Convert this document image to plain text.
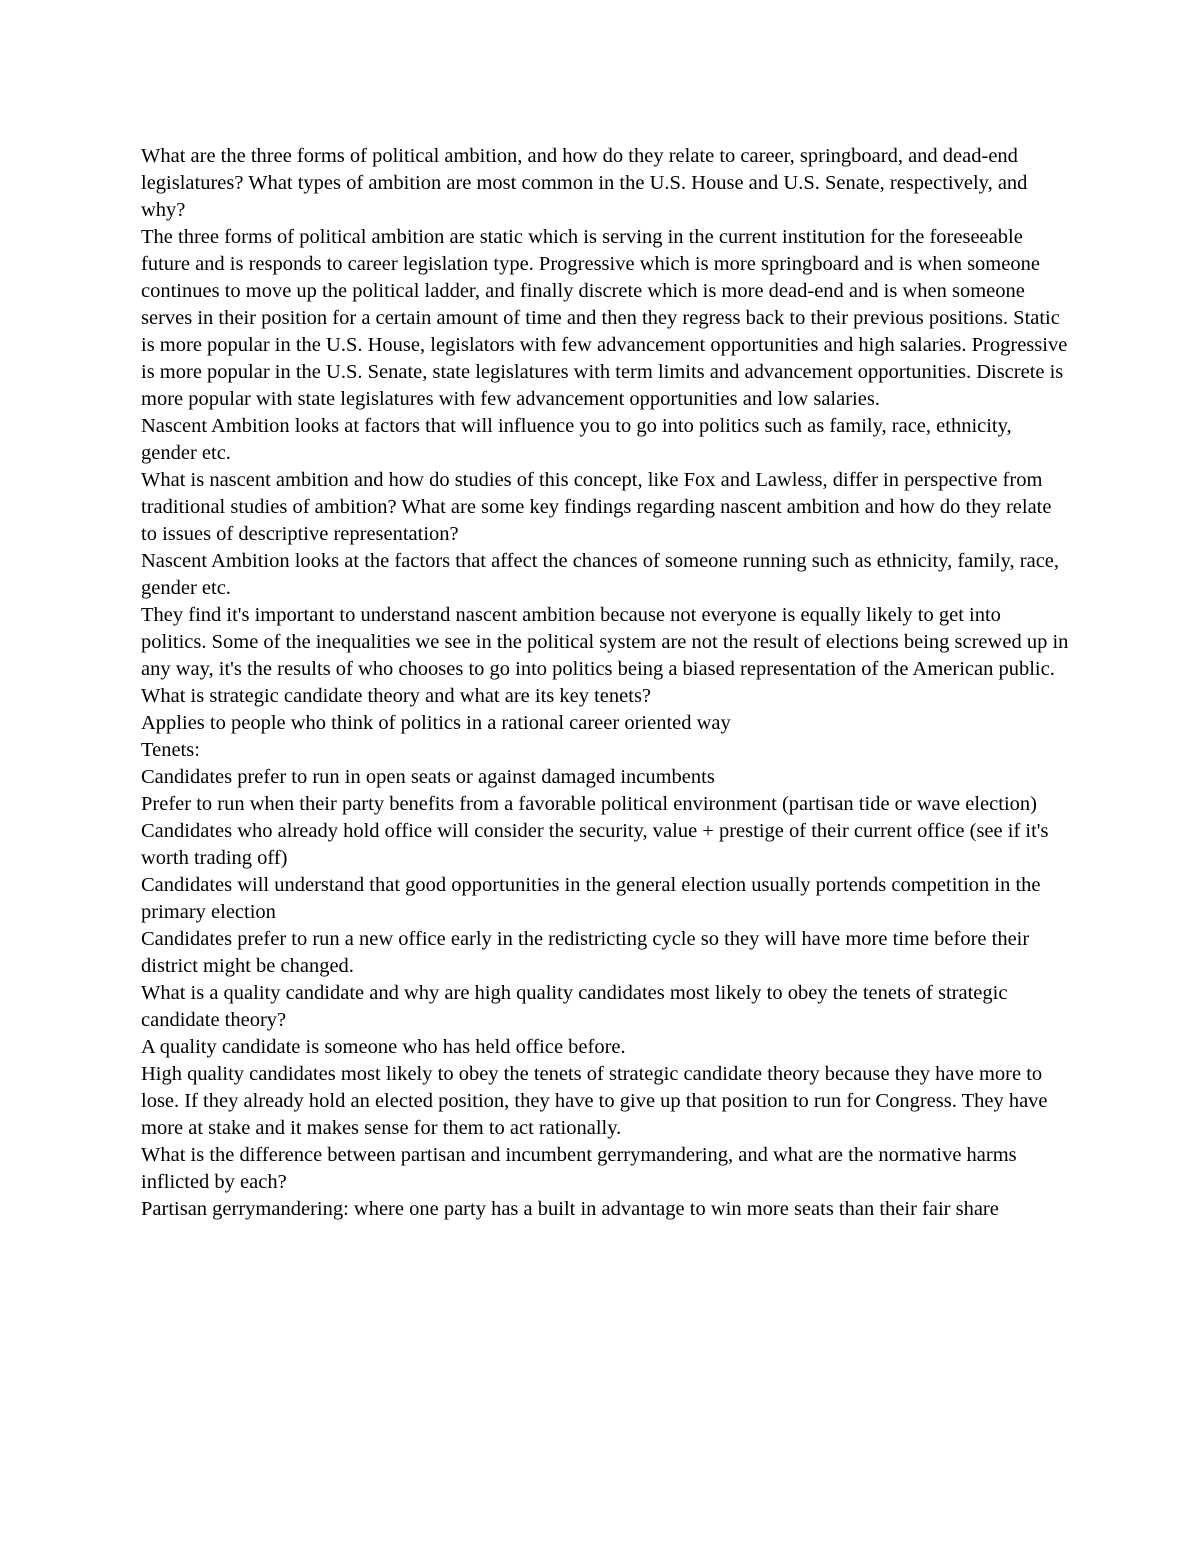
What are the three forms of political ambition, and how do they relate to career, springboard, and dead-end legislatures? What types of ambition are most common in the U.S. House and U.S. Senate, respectively, and why?

The three forms of political ambition are static which is serving in the current institution for the foreseeable future and is responds to career legislation type. Progressive which is more springboard and is when someone continues to move up the political ladder, and finally discrete which is more dead-end and is when someone serves in their position for a certain amount of time and then they regress back to their previous positions. Static is more popular in the U.S. House, legislators with few advancement opportunities and high salaries. Progressive is more popular in the U.S. Senate, state legislatures with term limits and advancement opportunities. Discrete is more popular with state legislatures with few advancement opportunities and low salaries.

Nascent Ambition looks at factors that will influence you to go into politics such as family, race, ethnicity, gender etc.

What is nascent ambition and how do studies of this concept, like Fox and Lawless, differ in perspective from traditional studies of ambition? What are some key findings regarding nascent ambition and how do they relate to issues of descriptive representation?

Nascent Ambition looks at the factors that affect the chances of someone running such as ethnicity, family, race, gender etc.

They find it's important to understand nascent ambition because not everyone is equally likely to get into politics. Some of the inequalities we see in the political system are not the result of elections being screwed up in any way, it's the results of who chooses to go into politics being a biased representation of the American public.

What is strategic candidate theory and what are its key tenets?

Applies to people who think of politics in a rational career oriented way

Tenets:

Candidates prefer to run in open seats or against damaged incumbents

Prefer to run when their party benefits from a favorable political environment (partisan tide or wave election)

Candidates who already hold office will consider the security, value + prestige of their current office (see if it's worth trading off)

Candidates will understand that good opportunities in the general election usually portends competition in the primary election

Candidates prefer to run a new office early in the redistricting cycle so they will have more time before their district might be changed.

What is a quality candidate and why are high quality candidates most likely to obey the tenets of strategic candidate theory?

A quality candidate is someone who has held office before.

High quality candidates most likely to obey the tenets of strategic candidate theory because they have more to lose. If they already hold an elected position, they have to give up that position to run for Congress. They have more at stake and it makes sense for them to act rationally.

What is the difference between partisan and incumbent gerrymandering, and what are the normative harms inflicted by each?

Partisan gerrymandering: where one party has a built in advantage to win more seats than their fair share
